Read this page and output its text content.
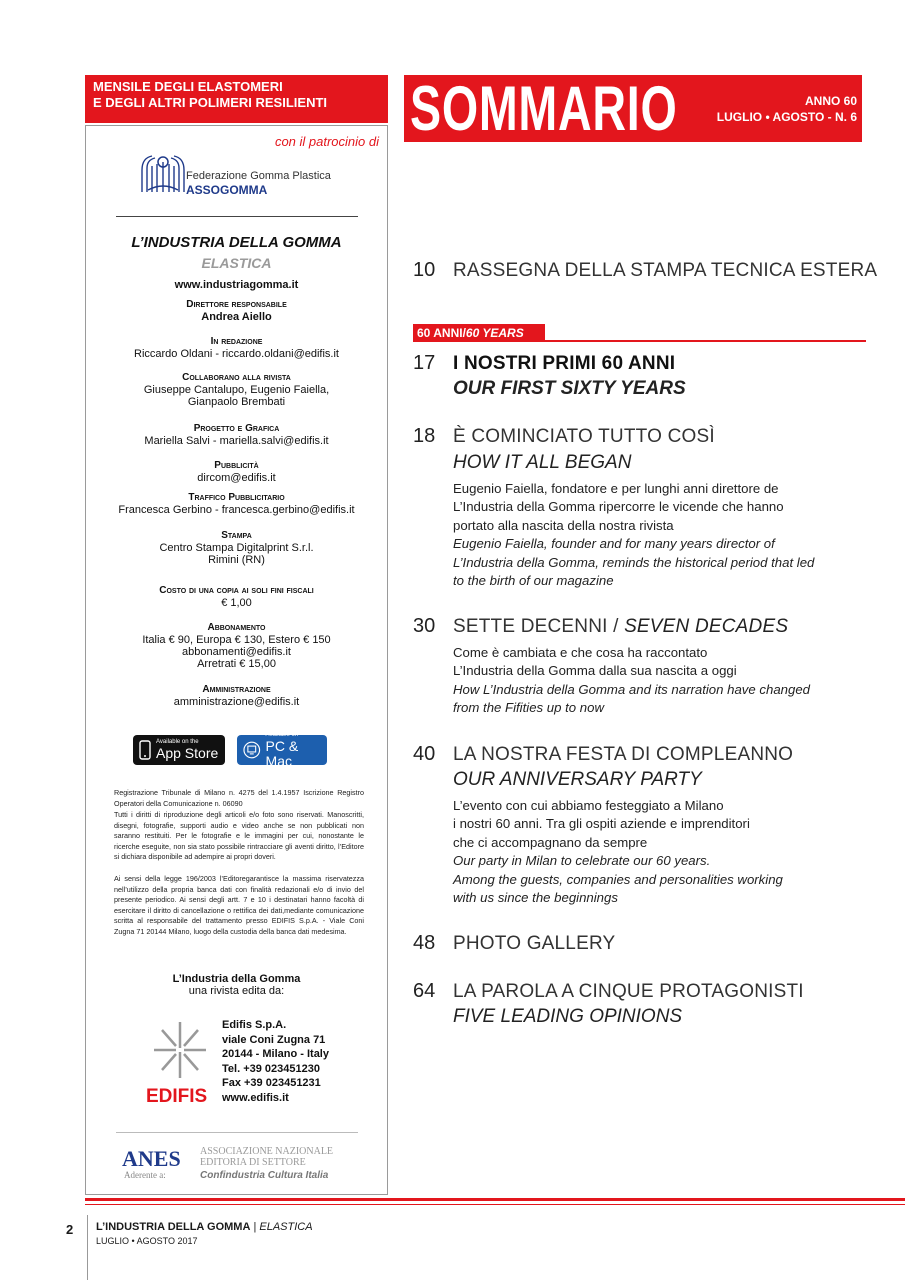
MENSILE DEGLI ELASTOMERI
E DEGLI ALTRI POLIMERI RESILIENTI
con il patrocinio di
Federazione Gomma Plastica
ASSOGOMMA
L’INDUSTRIA DELLA GOMMA
ELASTICA
www.industriagomma.it
Direttore responsabile
Andrea Aiello
In redazione
Riccardo Oldani - riccardo.oldani@edifis.it
Collaborano alla rivista
Giuseppe Cantalupo, Eugenio Faiella,
Gianpaolo Brembati
Progetto e Grafica
Mariella Salvi - mariella.salvi@edifis.it
Pubblicità
dircom@edifis.it
Traffico Pubblicitario
Francesca Gerbino - francesca.gerbino@edifis.it
Stampa
Centro Stampa Digitalprint S.r.l.
Rimini (RN)
Costo di una copia ai soli fini fiscali
€ 1,00
Abbonamento
Italia € 90, Europa € 130, Estero € 150
abbonamenti@edifis.it
Arretrati € 15,00
Amministrazione
amministrazione@edifis.it
Available on the
App Store
Available on
PC & Mac
Registrazione Tribunale di Milano n. 4275 del 1.4.1957 Iscrizione Registro Operatori della Comunicazione n. 06090
Tutti i diritti di riproduzione degli articoli e/o foto sono riservati. Manoscritti, disegni, fotografie, supporti audio e video anche se non pubblicati non saranno restituiti. Per le fotografie e le immagini per cui, nonostante le ricerche eseguite, non sia stato possibile rintracciare gli aventi diritto, l’Editore si dichiara disponibile ad adempire ai propri doveri.
Ai sensi della legge 196/2003 l’Editoregarantisce la massima riservatezza nell’utilizzo della propria banca dati con finalità redazionali e/o di invio del presente periodico. Ai sensi degli artt. 7 e 10 i destinatari hanno facoltà di esercitare il diritto di cancellazione o rettifica dei dati,mediante comunicazione scritta al responsabile del trattamento presso EDIFIS S.p.A. - Viale Coni Zugna 71 20144 Milano, luogo della custodia della banca dati medesima.
L’Industria della Gomma
una rivista edita da:
EDIFIS
Edifis S.p.A.
viale Coni Zugna 71
20144 - Milano - Italy
Tel. +39 023451230
Fax +39 023451231
www.edifis.it
ANES
Aderente a:
ASSOCIAZIONE NAZIONALE
EDITORIA DI SETTORE
Confindustria Cultura Italia
ANNO 60
LUGLIO • AGOSTO - N. 6
SOMMARIO
10 RASSEGNA DELLA STAMPA TECNICA ESTERA
60 ANNI/60 YEARS
17 I NOSTRI PRIMI 60 ANNI
OUR FIRST SIXTY YEARS
18 È COMINCIATO TUTTO COSÌ
HOW IT ALL BEGAN
Eugenio Faiella, fondatore e per lunghi anni direttore de
L’Industria della Gomma ripercorre le vicende che hanno
portato alla nascita della nostra rivista
Eugenio Faiella, founder and for many years director of
L’Industria della Gomma, reminds the historical period that led
to the birth of our magazine
30 SETTE DECENNI / SEVEN DECADES
Come è cambiata e che cosa ha raccontato
L’Industria della Gomma dalla sua nascita a oggi
How L’Industria della Gomma and its narration have changed
from the Fifities up to now
40 LA NOSTRA FESTA DI COMPLEANNO
OUR ANNIVERSARY PARTY
L’evento con cui abbiamo festeggiato a Milano
i nostri 60 anni. Tra gli ospiti aziende e imprenditori
che ci accompagnano da sempre
Our party in Milan to celebrate our 60 years.
Among the guests, companies and personalities working
with us since the beginnings
48 PHOTO GALLERY
64 LA PAROLA A CINQUE PROTAGONISTI
FIVE LEADING OPINIONS
2 L’INDUSTRIA DELLA GOMMA | ELASTICA
LUGLIO • AGOSTO 2017
